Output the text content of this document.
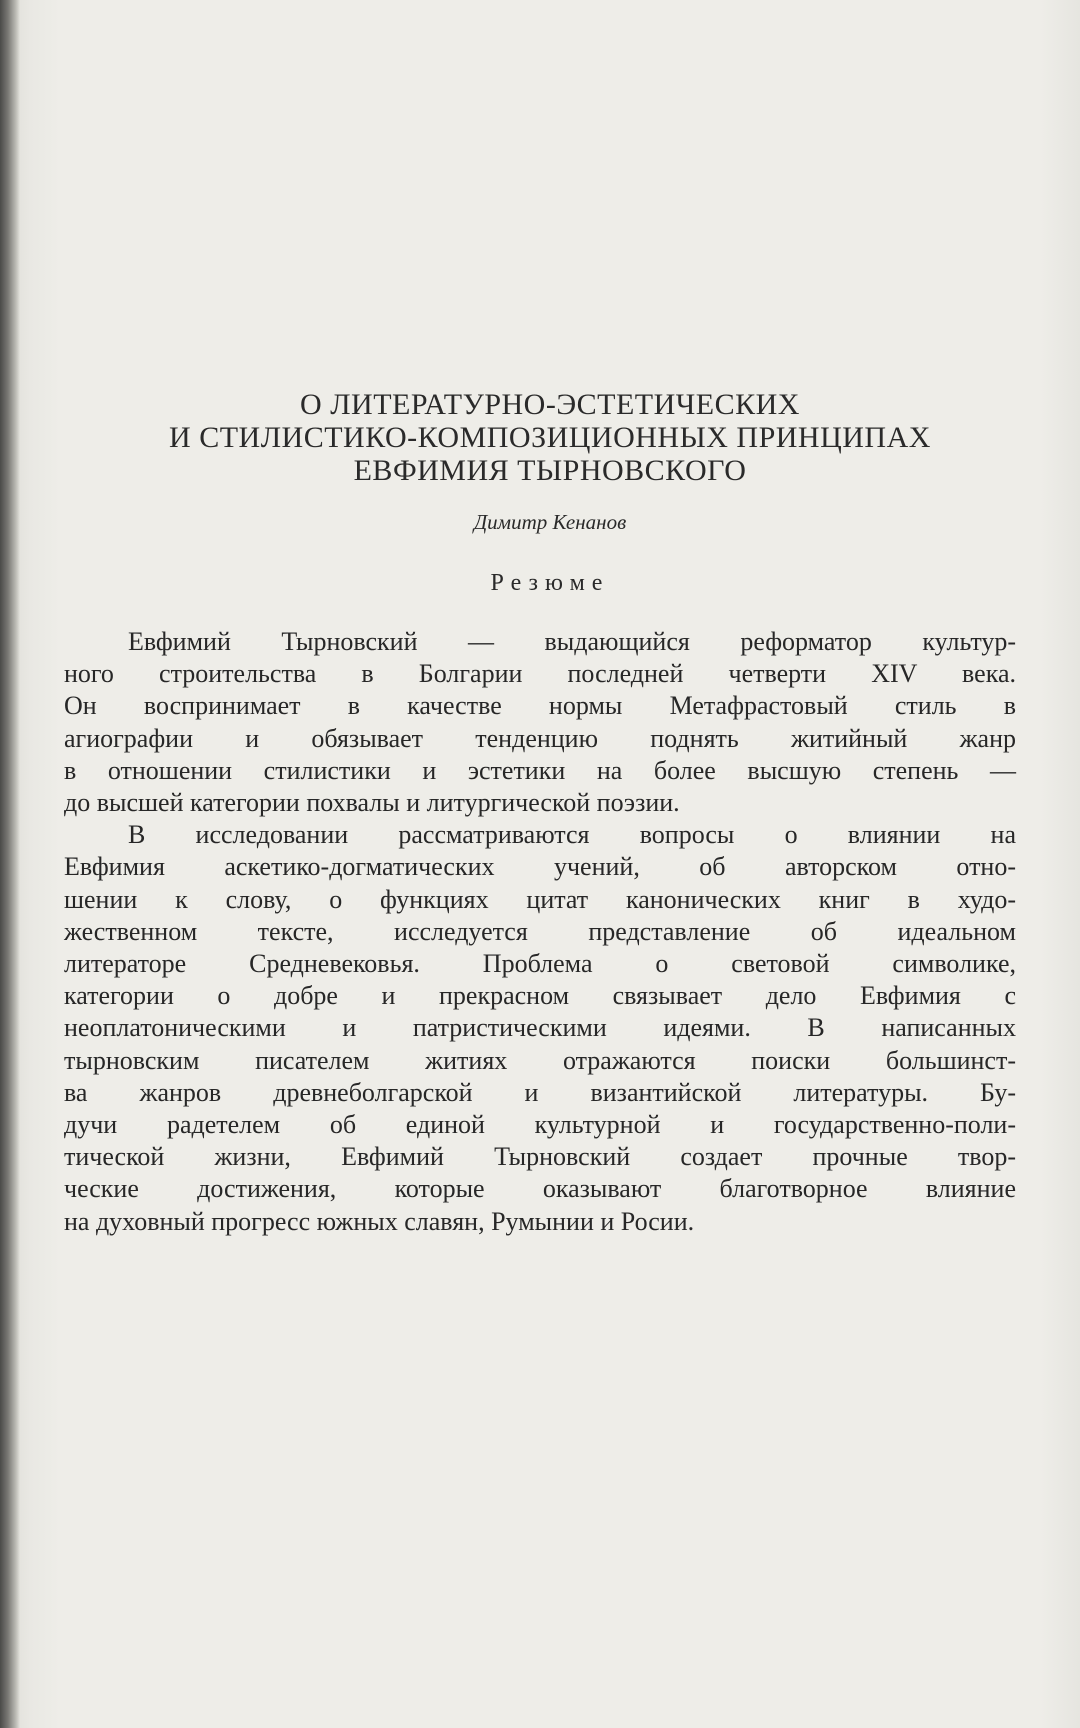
О ЛИТЕРАТУРНО-ЭСТЕТИЧЕСКИХ
И СТИЛИСТИКО-КОМПОЗИЦИОННЫХ ПРИНЦИПАХ
ЕВФИМИЯ ТЫРНОВСКОГО
Димитр Кенанов
Резюме
Евфимий Тырновский — выдающийся реформатор культур-
ного строительства в Болгарии последней четверти XIV века.
Он воспринимает в качестве нормы Метафрастовый стиль в
агиографии и обязывает тенденцию поднять житийный жанр
в отношении стилистики и эстетики на более высшую степень —
до высшей категории похвалы и литургической поэзии.
В исследовании рассматриваются вопросы о влиянии на
Евфимия аскетико-догматических учений, об авторском отно-
шении к слову, о функциях цитат канонических книг в худо-
жественном тексте, исследуется представление об идеальном
литераторе Средневековья. Проблема о световой символике,
категории о добре и прекрасном связывает дело Евфимия с
неоплатоническими и патристическими идеями. В написанных
тырновским писателем житиях отражаются поиски большинст-
ва жанров древнеболгарской и византийской литературы. Бу-
дучи радетелем об единой культурной и государственно-поли-
тической жизни, Евфимий Тырновский создает прочные твор-
ческие достижения, которые оказывают благотворное влияние
на духовный прогресс южных славян, Румынии и Росии.
